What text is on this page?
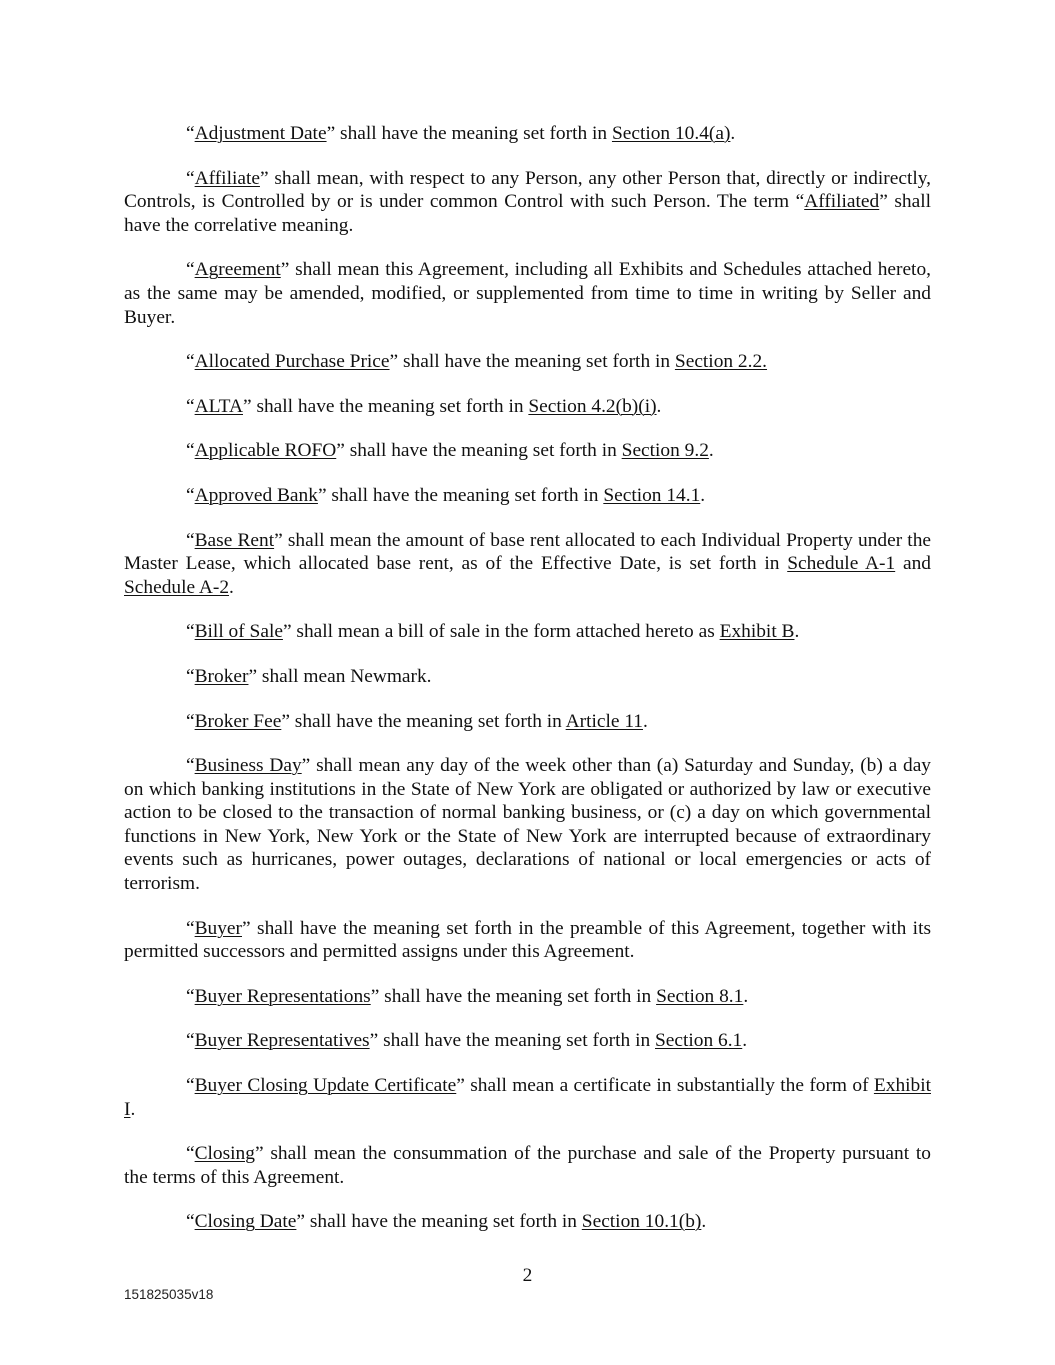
“Adjustment Date” shall have the meaning set forth in Section 10.4(a).

“Affiliate” shall mean, with respect to any Person, any other Person that, directly or indirectly, Controls, is Controlled by or is under common Control with such Person. The term “Affiliated” shall have the correlative meaning.

“Agreement” shall mean this Agreement, including all Exhibits and Schedules attached hereto, as the same may be amended, modified, or supplemented from time to time in writing by Seller and Buyer.

“Allocated Purchase Price” shall have the meaning set forth in Section 2.2.

“ALTA” shall have the meaning set forth in Section 4.2(b)(i).

“Applicable ROFO” shall have the meaning set forth in Section 9.2.

“Approved Bank” shall have the meaning set forth in Section 14.1.

“Base Rent” shall mean the amount of base rent allocated to each Individual Property under the Master Lease, which allocated base rent, as of the Effective Date, is set forth in Schedule A-1 and Schedule A-2.

“Bill of Sale” shall mean a bill of sale in the form attached hereto as Exhibit B.

“Broker” shall mean Newmark.

“Broker Fee” shall have the meaning set forth in Article 11.

“Business Day” shall mean any day of the week other than (a) Saturday and Sunday, (b) a day on which banking institutions in the State of New York are obligated or authorized by law or executive action to be closed to the transaction of normal banking business, or (c) a day on which governmental functions in New York, New York or the State of New York are interrupted because of extraordinary events such as hurricanes, power outages, declarations of national or local emergencies or acts of terrorism.

“Buyer” shall have the meaning set forth in the preamble of this Agreement, together with its permitted successors and permitted assigns under this Agreement.

“Buyer Representations” shall have the meaning set forth in Section 8.1.

“Buyer Representatives” shall have the meaning set forth in Section 6.1.

“Buyer Closing Update Certificate” shall mean a certificate in substantially the form of Exhibit I.

“Closing” shall mean the consummation of the purchase and sale of the Property pursuant to the terms of this Agreement.

“Closing Date” shall have the meaning set forth in Section 10.1(b).

2
151825035v18
